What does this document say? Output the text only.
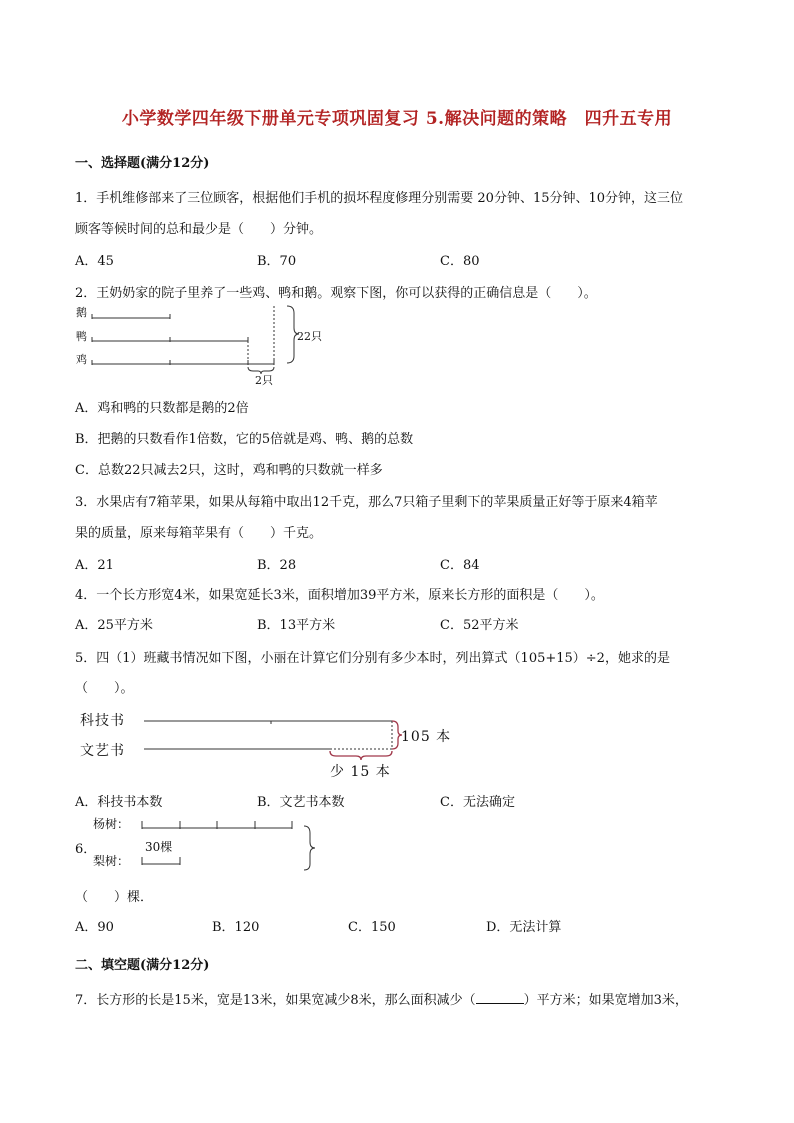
小学数学四年级下册单元专项巩固复习 5.解决问题的策略　四升五专用
一、选择题(满分12分)
1．手机维修部来了三位顾客，根据他们手机的损坏程度修理分别需要 20分钟、15分钟、10分钟，这三位
顾客等候时间的总和最少是（　　）分钟。
A．45	B．70	C．80
2．王奶奶家的院子里养了一些鸡、鸭和鹅。观察下图，你可以获得的正确信息是（　　）。
鹅
鸭
鸡
22只
2只
A．鸡和鸭的只数都是鹅的2倍
B．把鹅的只数看作1倍数，它的5倍就是鸡、鸭、鹅的总数
C．总数22只减去2只，这时，鸡和鸭的只数就一样多
3．水果店有7箱苹果，如果从每箱中取出12千克，那么7只箱子里剩下的苹果质量正好等于原来4箱苹
果的质量，原来每箱苹果有（　　）千克。
A．21	B．28	C．84
4．一个长方形宽4米，如果宽延长3米，面积增加39平方米，原来长方形的面积是（　　）。
A．25平方米	B．13平方米	C．52平方米
5．四（1）班藏书情况如下图，小丽在计算它们分别有多少本时，列出算式（105+15）÷2，她求的是
（　　）。
科技书
文艺书
105 本
少 15 本
A．科技书本数	B．文艺书本数	C．无法确定
杨树：
6．
梨树：
30棵
（　　）棵．
A．90	B．120	C．150	D．无法计算
二、填空题(满分12分)
7．长方形的长是15米，宽是13米，如果宽减少8米，那么面积减少（	）平方米；如果宽增加3米，
